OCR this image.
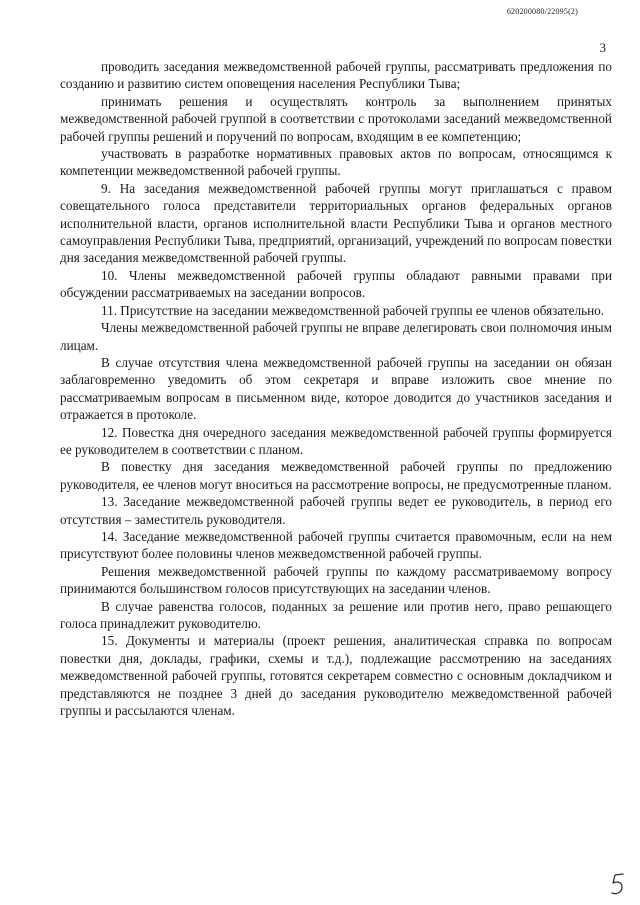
620200080/22095(2)
3

проводить заседания межведомственной рабочей группы, рассматривать предложения по созданию и развитию систем оповещения населения Республики Тыва;

принимать решения и осуществлять контроль за выполнением принятых межведомственной рабочей группой в соответствии с протоколами заседаний межведомственной рабочей группы решений и поручений по вопросам, входящим в ее компетенцию;

участвовать в разработке нормативных правовых актов по вопросам, относящимся к компетенции межведомственной рабочей группы.

9. На заседания межведомственной рабочей группы могут приглашаться с правом совещательного голоса представители территориальных органов федеральных органов исполнительной власти, органов исполнительной власти Республики Тыва и органов местного самоуправления Республики Тыва, предприятий, организаций, учреждений по вопросам повестки дня заседания межведомственной рабочей группы.

10. Члены межведомственной рабочей группы обладают равными правами при обсуждении рассматриваемых на заседании вопросов.

11. Присутствие на заседании межведомственной рабочей группы ее членов обязательно.

Члены межведомственной рабочей группы не вправе делегировать свои полномочия иным лицам.

В случае отсутствия члена межведомственной рабочей группы на заседании он обязан заблаговременно уведомить об этом секретаря и вправе изложить свое мнение по рассматриваемым вопросам в письменном виде, которое доводится до участников заседания и отражается в протоколе.

12. Повестка дня очередного заседания межведомственной рабочей группы формируется ее руководителем в соответствии с планом.

В повестку дня заседания межведомственной рабочей группы по предложению руководителя, ее членов могут вноситься на рассмотрение вопросы, не предусмотренные планом.

13. Заседание межведомственной рабочей группы ведет ее руководитель, в период его отсутствия – заместитель руководителя.

14. Заседание межведомственной рабочей группы считается правомочным, если на нем присутствуют более половины членов межведомственной рабочей группы.

Решения межведомственной рабочей группы по каждому рассматриваемому вопросу принимаются большинством голосов присутствующих на заседании членов.

В случае равенства голосов, поданных за решение или против него, право решающего голоса принадлежит руководителю.

15. Документы и материалы (проект решения, аналитическая справка по вопросам повестки дня, доклады, графики, схемы и т.д.), подлежащие рассмотрению на заседаниях межведомственной рабочей группы, готовятся секретарем совместно с основным докладчиком и представляются не позднее 3 дней до заседания руководителю межведомственной рабочей группы и рассылаются членам.
